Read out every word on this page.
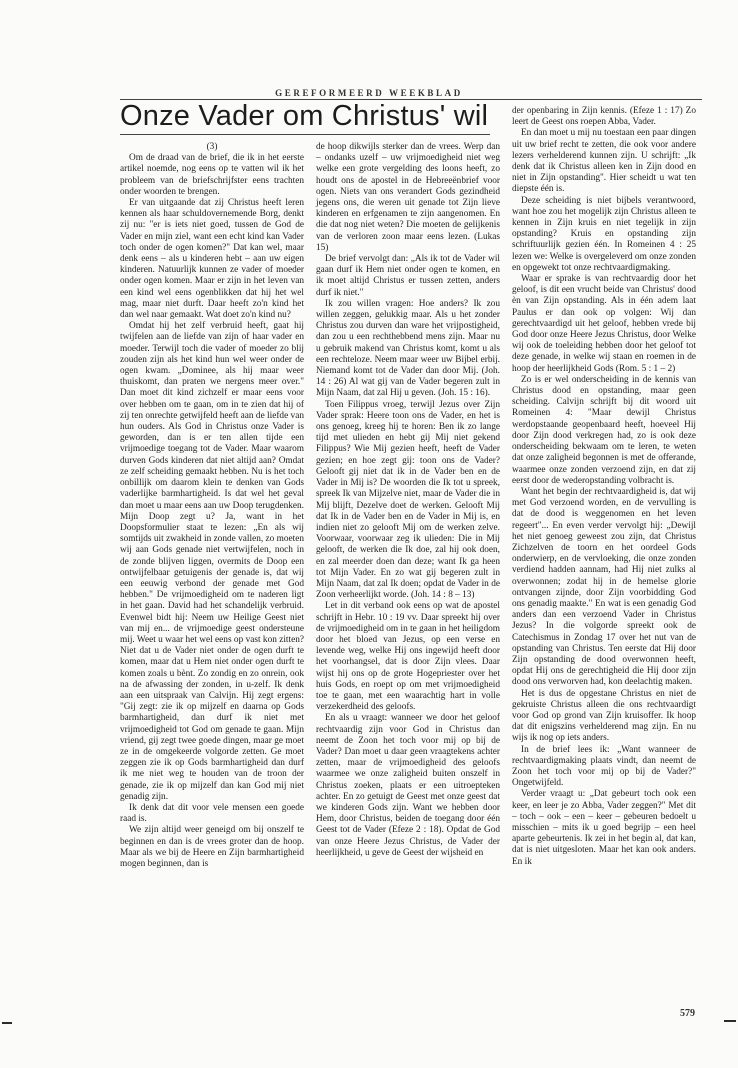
GEREFORMEERD WEEKBLAD
Onze Vader om Christus' wil

(3)

Om de draad van de brief, die ik in het eerste artikel noemde, nog eens op te vatten wil ik het probleem van de briefschrijfster eens trachten onder woorden te brengen.

Er van uitgaande dat zij Christus heeft leren kennen als haar schuldovernemende Borg, denkt zij nu: "er is iets niet goed, tussen de God de Vader en mijn ziel, want een echt kind kan Vader toch onder de ogen komen?" Dat kan wel, maar denk eens – als u kinderen hebt – aan uw eigen kinderen. Natuurlijk kunnen ze vader of moeder onder ogen komen. Maar er zijn in het leven van een kind wel eens ogenblikken dat hij het wel mag, maar niet durft. Daar heeft zo'n kind het dan wel naar gemaakt. Wat doet zo'n kind nu?

Omdat hij het zelf verbruid heeft, gaat hij twijfelen aan de liefde van zijn of haar vader en moeder. Terwijl toch die vader of moeder zo blij zouden zijn als het kind hun wel weer onder de ogen kwam. „Dominee, als hij maar weer thuiskomt, dan praten we nergens meer over." Dan moet dit kind zichzelf er maar eens voor over hebben om te gaan, om in te zien dat hij of zij ten onrechte getwijfeld heeft aan de liefde van hun ouders. Als God in Christus onze Vader is geworden, dan is er ten allen tijde een vrijmoedige toegang tot de Vader. Maar waarom durven Gods kinderen dat niet altijd aan? Omdat ze zelf scheiding gemaakt hebben. Nu is het toch onbillijk om daarom klein te denken van Gods vaderlijke barmhartigheid. Is dat wel het geval dan moet u maar eens aan uw Doop terugdenken. Mijn Doop zegt u? Ja, want in het Doopsformulier staat te lezen: „En als wij somtijds uit zwakheid in zonde vallen, zo moeten wij aan Gods genade niet vertwijfelen, noch in de zonde blijven liggen, overmits de Doop een ontwijfelbaar getuigenis der genade is, dat wij een eeuwig verbond der genade met God hebben." De vrijmoedigheid om te naderen ligt in het gaan. David had het schandelijk verbruid. Evenwel bidt hij: Neem uw Heilige Geest niet van mij en... de vrijmoedige geest ondersteune mij. Weet u waar het wel eens op vast kon zitten? Niet dat u de Vader niet onder de ogen durft te komen, maar dat u Hem niet onder ogen durft te komen zoals u bènt. Zo zondig en zo onrein, ook na de afwassing der zonden, in u-zelf. Ik denk aan een uitspraak van Calvijn. Hij zegt ergens: "Gij zegt: zie ik op mijzelf en daarna op Gods barmhartigheid, dan durf ik niet met vrijmoedigheid tot God om genade te gaan. Mijn vriend, gij zegt twee goede dingen, maar ge moet ze in de omgekeerde volgorde zetten. Ge moet zeggen zie ik op Gods barmhartigheid dan durf ik me niet weg te houden van de troon der genade, zie ik op mijzelf dan kan God mij niet genadig zijn.

Ik denk dat dit voor vele mensen een goede raad is.

We zijn altijd weer geneigd om bij onszelf te beginnen en dan is de vrees groter dan de hoop. Maar als we bij de Heere en Zijn barmhartigheid mogen beginnen, dan is

de hoop dikwijls sterker dan de vrees. Werp dan – ondanks uzelf – uw vrijmoedigheid niet weg welke een grote vergelding des loons heeft, zo houdt ons de apostel in de Hebreeënbrief voor ogen. Niets van ons verandert Gods gezindheid jegens ons, die weren uit genade tot Zijn lieve kinderen en erfgenamen te zijn aangenomen. En die dat nog niet weten? Die moeten de gelijkenis van de verloren zoon maar eens lezen. (Lukas 15)

De brief vervolgt dan: „Als ik tot de Vader wil gaan durf ik Hem niet onder ogen te komen, en ik moet altijd Christus er tussen zetten, anders durf ik niet."

Ik zou willen vragen: Hoe anders? Ik zou willen zeggen, gelukkig maar. Als u het zonder Christus zou durven dan ware het vrijpostigheid, dan zou u een rechthebbend mens zijn. Maar nu u gebruik makend van Christus komt, komt u als een rechteloze. Neem maar weer uw Bijbel erbij. Niemand komt tot de Vader dan door Mij. (Joh. 14 : 26) Al wat gij van de Vader begeren zult in Mijn Naam, dat zal Hij u geven. (Joh. 15 : 16).

Toen Filippus vroeg, terwijl Jezus over Zijn Vader sprak: Heere toon ons de Vader, en het is ons genoeg, kreeg hij te horen: Ben ik zo lange tijd met ulieden en hebt gij Mij niet gekend Filippus? Wie Mij gezien heeft, heeft de Vader gezien; en hoe zegt gij: toon ons de Vader? Gelooft gij niet dat ik in de Vader ben en de Vader in Mij is? De woorden die Ik tot u spreek, spreek Ik van Mijzelve niet, maar de Vader die in Mij blijft, Dezelve doet de werken. Gelooft Mij dat Ik in de Vader ben en de Vader in Mij is, en indien niet zo gelooft Mij om de werken zelve. Voorwaar, voorwaar zeg ik ulieden: Die in Mij gelooft, de werken die Ik doe, zal hij ook doen, en zal meerder doen dan deze; want Ik ga heen tot Mijn Vader. En zo wat gij begeren zult in Mijn Naam, dat zal Ik doen; opdat de Vader in de Zoon verheerlijkt worde. (Joh. 14 : 8 – 13)

Let in dit verband ook eens op wat de apostel schrijft in Hebr. 10 : 19 vv. Daar spreekt hij over de vrijmoedigheid om in te gaan in het heiligdom door het bloed van Jezus, op een verse en levende weg, welke Hij ons ingewijd heeft door het voorhangsel, dat is door Zijn vlees. Daar wijst hij ons op de grote Hogepriester over het huis Gods, en roept op om met vrijmoedigheid toe te gaan, met een waarachtig hart in volle verzekerdheid des geloofs.

En als u vraagt: wanneer we door het geloof rechtvaardig zijn voor God in Christus dan neemt de Zoon het toch voor mij op bij de Vader? Dan moet u daar geen vraagtekens achter zetten, maar de vrijmoedigheid des geloofs waarmee we onze zaligheid buiten onszelf in Christus zoeken, plaats er een uitroepteken achter. En zo getuigt de Geest met onze geest dat we kinderen Gods zijn. Want we hebben door Hem, door Christus, beiden de toegang door één Geest tot de Vader (Efeze 2 : 18). Opdat de God van onze Heere Jezus Christus, de Vader der heerlijkheid, u geve de Geest der wijsheid en

der openbaring in Zijn kennis. (Efeze 1 : 17) Zo leert de Geest ons roepen Abba, Vader.

En dan moet u mij nu toestaan een paar dingen uit uw brief recht te zetten, die ook voor andere lezers verhelderend kunnen zijn. U schrijft: „Ik denk dat ik Christus alleen ken in Zijn dood en niet in Zijn opstanding". Hier scheidt u wat ten diepste één is.

Deze scheiding is niet bijbels verantwoord, want hoe zou het mogelijk zijn Christus alleen te kennen in Zijn kruis en niet tegelijk in zijn opstanding? Kruis en opstanding zijn schriftuurlijk gezien één. In Romeinen 4 : 25 lezen we: Welke is overgeleverd om onze zonden en opgewekt tot onze rechtvaardigmaking.

Waar er sprake is van rechtvaardig door het geloof, is dit een vrucht beide van Christus' dood èn van Zijn opstanding. Als in één adem laat Paulus er dan ook op volgen: Wij dan gerechtvaardigd uit het geloof, hebben vrede bij God door onze Heere Jezus Christus, door Welke wij ook de toeleiding hebben door het geloof tot deze genade, in welke wij staan en roemen in de hoop der heerlijkheid Gods (Rom. 5 : 1 – 2)

Zo is er wel onderscheiding in de kennis van Christus dood en opstanding, maar geen scheiding. Calvijn schrijft bij dit woord uit Romeinen 4: "Maar dewijl Christus werdopstaande geopenbaard heeft, hoeveel Hij door Zijn dood verkregen had, zo is ook deze onderscheiding bekwaam om te leren, te weten dat onze zaligheid begonnen is met de offerande, waarmee onze zonden verzoend zijn, en dat zij eerst door de wederopstanding volbracht is.

Want het begin der rechtvaardigheid is, dat wij met God verzoend worden, en de vervulling is dat de dood is weggenomen en het leven regeert"... En even verder vervolgt hij: „Dewijl het niet genoeg geweest zou zijn, dat Christus Zichzelven de toorn en het oordeel Gods onderwierp, en de vervloeking, die onze zonden verdiend hadden aannam, had Hij niet zulks al overwonnen; zodat hij in de hemelse glorie ontvangen zijnde, door Zijn voorbidding God ons genadig maakte." En wat is een genadig God anders dan een verzoend Vader in Christus Jezus? In die volgorde spreekt ook de Catechismus in Zondag 17 over het nut van de opstanding van Christus. Ten eerste dat Hij door Zijn opstanding de dood overwonnen heeft, opdat Hij ons de gerechtigheid die Hij door zijn dood ons verworven had, kon deelachtig maken.

Het is dus de opgestane Christus en niet de gekruiste Christus alleen die ons rechtvaardigt voor God op grond van Zijn kruisoffer. Ik hoop dat dit enigszins verhelderend mag zijn. En nu wijs ik nog op iets anders.

In de brief lees ik: „Want wanneer de rechtvaardigmaking plaats vindt, dan neemt de Zoon het toch voor mij op bij de Vader?" Ongetwijfeld.

Verder vraagt u: „Dat gebeurt toch ook een keer, en leer je zo Abba, Vader zeggen?" Met dit – toch – ook – een – keer – gebeuren bedoelt u misschien – mits ik u goed begrijp – een heel aparte gebeurtenis. Ik zei in het begin al, dat kan, dat is niet uitgesloten. Maar het kan ook anders. En ik

579
